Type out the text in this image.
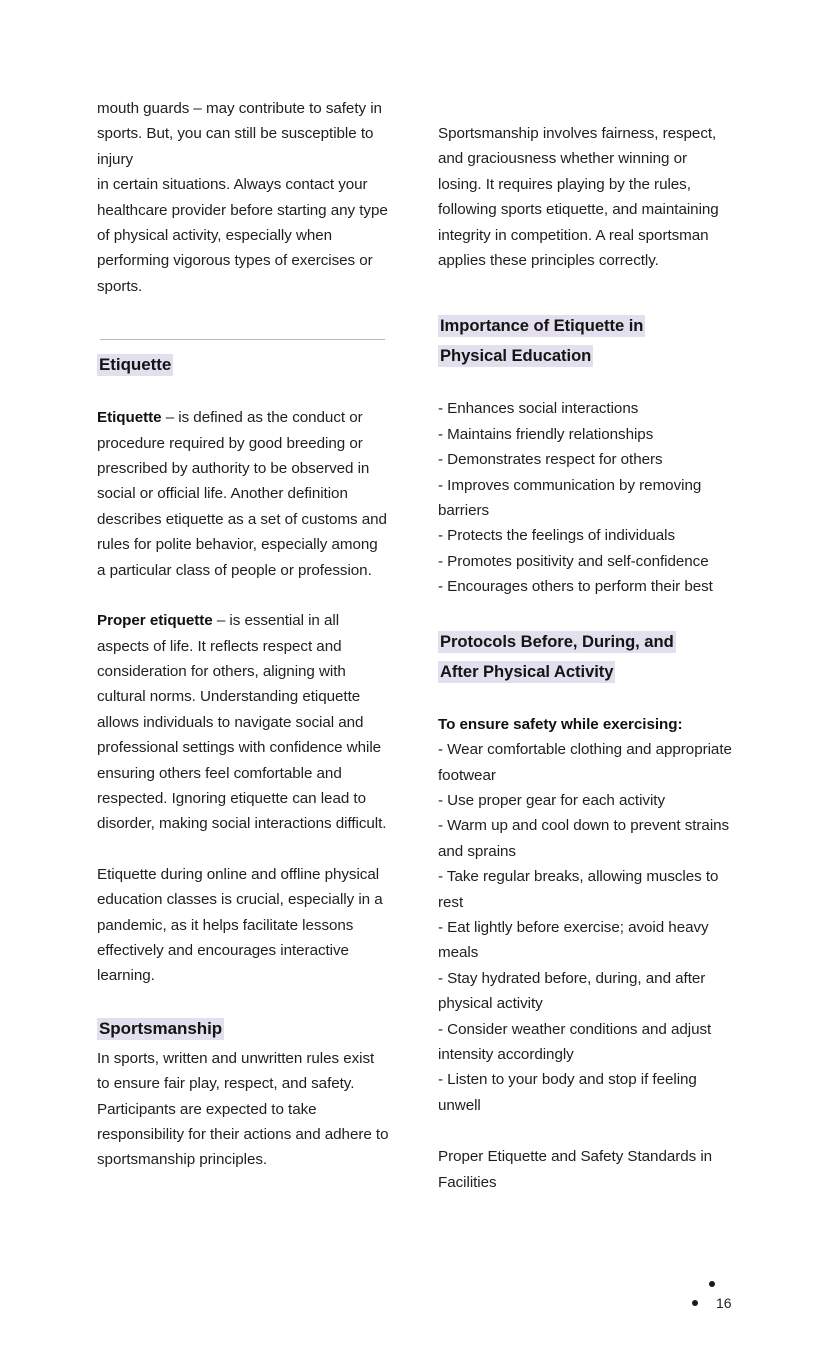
mouth guards – may contribute to safety in sports. But, you can still be susceptible to injury

in certain situations. Always contact your healthcare provider before starting any type of physical activity, especially when performing vigorous types of exercises or sports.

Etiquette

Etiquette – is defined as the conduct or procedure required by good breeding or prescribed by authority to be observed in social or official life. Another definition describes etiquette as a set of customs and rules for polite behavior, especially among a particular class of people or profession.

Proper etiquette – is essential in all aspects of life. It reflects respect and consideration for others, aligning with cultural norms. Understanding etiquette allows individuals to navigate social and professional settings with confidence while ensuring others feel comfortable and respected. Ignoring etiquette can lead to disorder, making social interactions difficult.

Etiquette during online and offline physical education classes is crucial, especially in a pandemic, as it helps facilitate lessons effectively and encourages interactive learning.

Sportsmanship

In sports, written and unwritten rules exist to ensure fair play, respect, and safety. Participants are expected to take responsibility for their actions and adhere to sportsmanship principles.

Sportsmanship involves fairness, respect, and graciousness whether winning or losing. It requires playing by the rules, following sports etiquette, and maintaining integrity in competition. A real sportsman applies these principles correctly.

Importance of Etiquette in
Physical Education

- Enhances social interactions

- Maintains friendly relationships

- Demonstrates respect for others

- Improves communication by removing barriers

- Protects the feelings of individuals

- Promotes positivity and self-confidence

- Encourages others to perform their best

Protocols Before, During, and
After Physical Activity

To ensure safety while exercising:

- Wear comfortable clothing and appropriate footwear

- Use proper gear for each activity

- Warm up and cool down to prevent strains and sprains

- Take regular breaks, allowing muscles to rest

- Eat lightly before exercise; avoid heavy meals

- Stay hydrated before, during, and after physical activity

- Consider weather conditions and adjust intensity accordingly

- Listen to your body and stop if feeling unwell

Proper Etiquette and Safety Standards in Facilities

16
